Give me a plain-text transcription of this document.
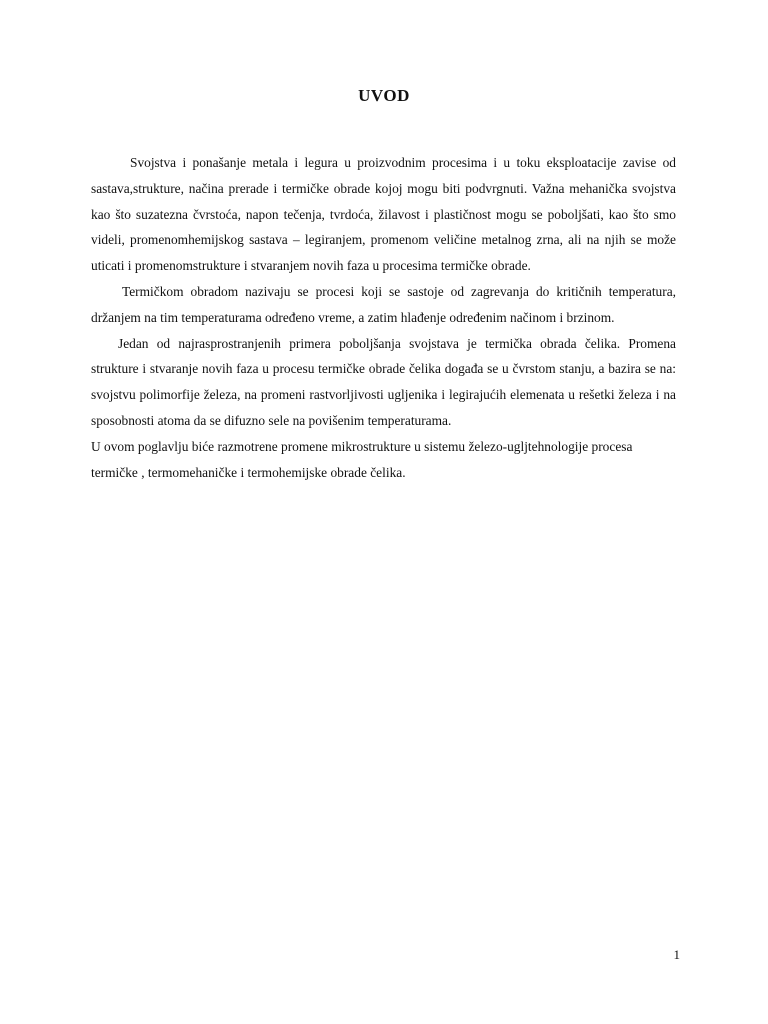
UVOD

Svojstva i ponašanje metala i legura u proizvodnim procesima i u toku eksploatacije zavise od sastava,strukture, načina prerade i termičke obrade kojoj mogu biti podvrgnuti. Važna mehanička svojstva kao što suzatezna čvrstoća, napon tečenja, tvrdoća, žilavost i plastičnost mogu se poboljšati, kao što smo videli, promenomhemijskog sastava – legiranjem, promenom veličine metalnog zrna, ali na njih se može uticati i promenomstrukture i stvaranjem novih faza u procesima termičke obrade.

Termičkom obradom nazivaju se procesi koji se sastoje od zagrevanja do kritičnih temperatura, držanjem na tim temperaturama određeno vreme, a zatim hlađenje određenim načinom i brzinom.

Jedan od najrasprostranjenih primera poboljšanja svojstava je termička obrada čelika. Promena strukture i stvaranje novih faza u procesu termičke obrade čelika događa se u čvrstom stanju, a bazira se na: svojstvu polimorfije železa, na promeni rastvorljivosti ugljenika i legirajućih elemenata u rešetki železa i na sposobnosti atoma da se difuzno sele na povišenim temperaturama.

U ovom poglavlju biće razmotrene promene mikrostrukture u sistemu železo-ugljtehnologije procesa termičke , termomehaničke i termohemijske obrade čelika.

1
